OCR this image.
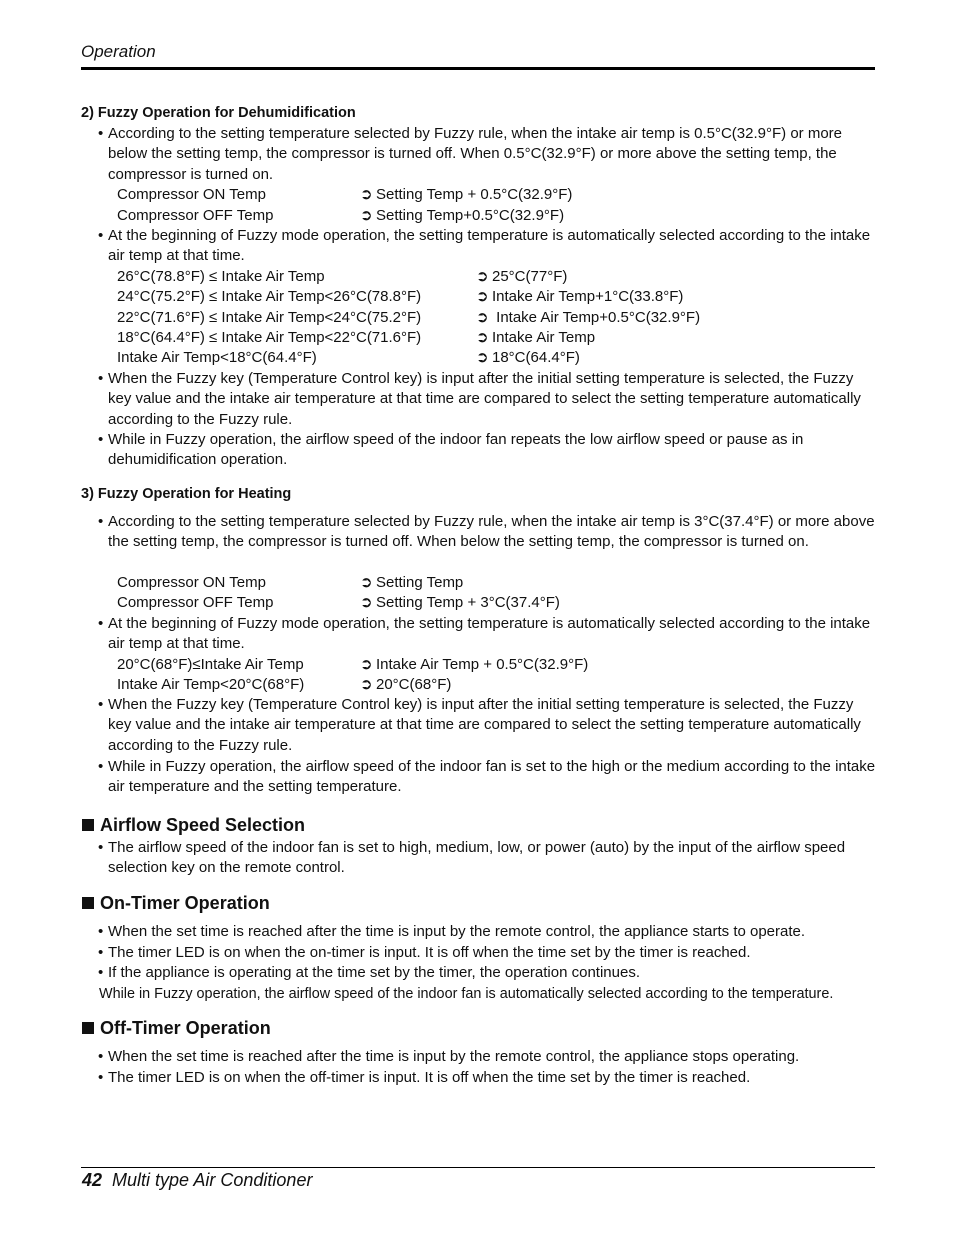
Operation
2) Fuzzy Operation for Dehumidification
• According to the setting temperature selected by Fuzzy rule, when the intake air temp is 0.5°C(32.9°F) or more below the setting temp, the compressor is turned off. When 0.5°C(32.9°F) or more above the setting temp, the compressor is turned on.
Compressor ON Temp	➲ Setting Temp + 0.5°C(32.9°F)
Compressor OFF Temp	➲ Setting Temp+0.5°C(32.9°F)
• At the beginning of Fuzzy mode operation, the setting temperature is automatically selected according to the intake air temp at that time.
26°C(78.8°F) ≤ Intake Air Temp	➲ 25°C(77°F)
24°C(75.2°F) ≤ Intake Air Temp<26°C(78.8°F)	➲ Intake Air Temp+1°C(33.8°F)
22°C(71.6°F) ≤ Intake Air Temp<24°C(75.2°F)	➲ Intake Air Temp+0.5°C(32.9°F)
18°C(64.4°F) ≤ Intake Air Temp<22°C(71.6°F)	➲ Intake Air Temp
Intake Air Temp<18°C(64.4°F)	➲ 18°C(64.4°F)
• When the Fuzzy key (Temperature Control key) is input after the initial setting temperature is selected, the Fuzzy key value and the intake air temperature at that time are compared to select the setting temperature automatically according to the Fuzzy rule.
• While in Fuzzy operation, the airflow speed of the indoor fan repeats the low airflow speed or pause as in dehumidification operation.
3) Fuzzy Operation for Heating
• According to the setting temperature selected by Fuzzy rule, when the intake air temp is 3°C(37.4°F) or more above the setting temp, the compressor is turned off. When below the setting temp, the compressor is turned on.
Compressor ON Temp	➲ Setting Temp
Compressor OFF Temp	➲ Setting Temp + 3°C(37.4°F)
• At the beginning of Fuzzy mode operation, the setting temperature is automatically selected according to the intake air temp at that time.
20°C(68°F)≤Intake Air Temp	➲ Intake Air Temp + 0.5°C(32.9°F)
Intake Air Temp<20°C(68°F)	➲ 20°C(68°F)
• When the Fuzzy key (Temperature Control key) is input after the initial setting temperature is selected, the Fuzzy key value and the intake air temperature at that time are compared to select the setting temperature automatically according to the Fuzzy rule.
• While in Fuzzy operation, the airflow speed of the indoor fan is set to the high or the medium according to the intake air temperature and the setting temperature.
Airflow Speed Selection
• The airflow speed of the indoor fan is set to high, medium, low, or power (auto) by the input of the airflow speed selection key on the remote control.
On-Timer Operation
• When the set time is reached after the time is input by the remote control, the appliance starts to operate.
• The timer LED is on when the on-timer is input. It is off when the time set by the timer is reached.
• If the appliance is operating at the time set by the timer, the operation continues.
While in Fuzzy operation, the airflow speed of the indoor fan is automatically selected according to the temperature.
Off-Timer Operation
• When the set time is reached after the time is input by the remote control, the appliance stops operating.
• The timer LED is on when the off-timer is input. It is off when the time set by the timer is reached.
42 Multi type Air Conditioner
